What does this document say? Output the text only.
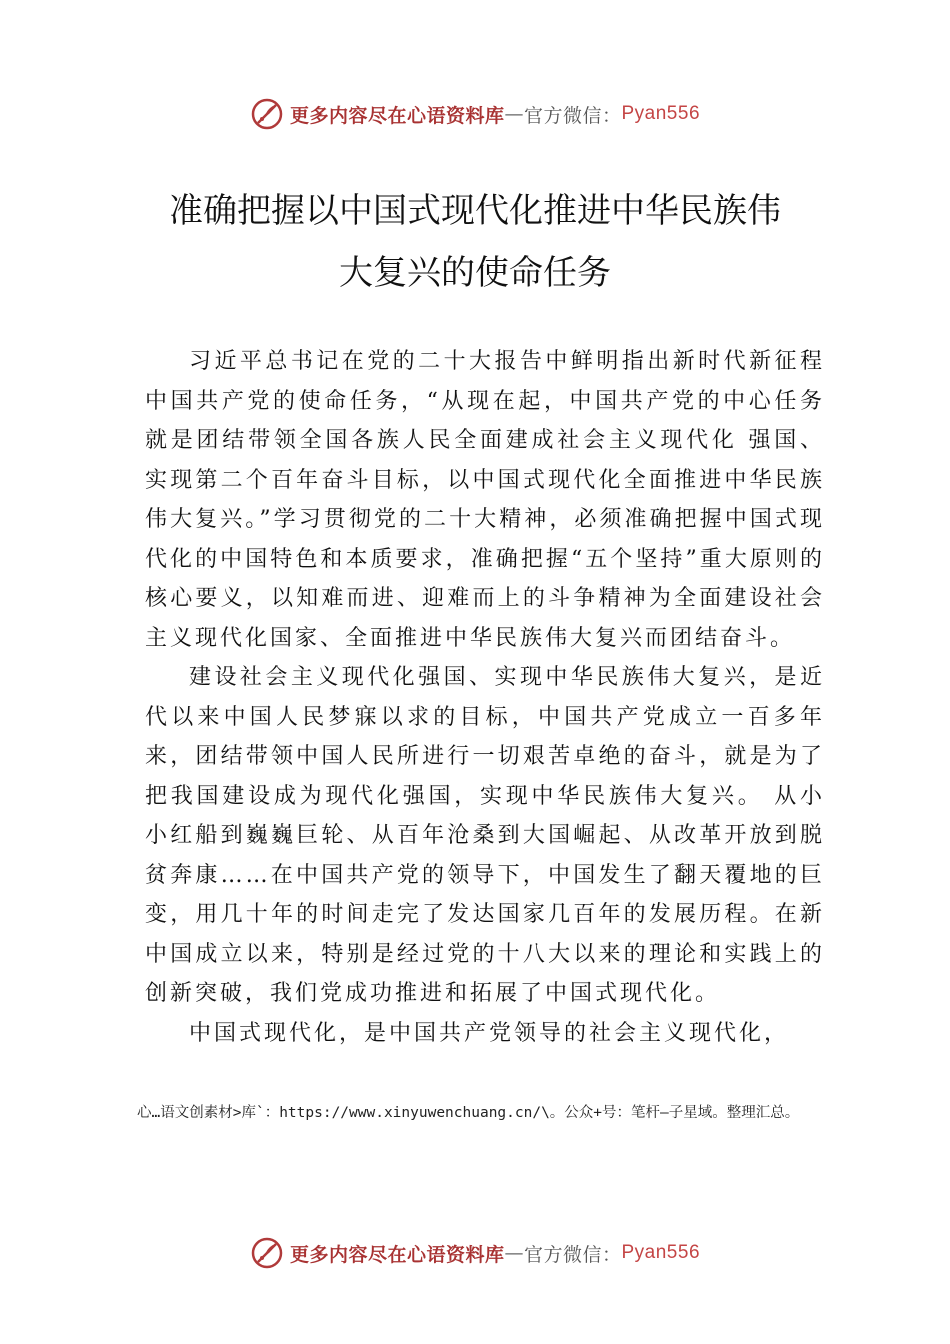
更多内容尽在心语资料库 — 官方微信： Pyan556
准确把握以中国式现代化推进中华民族伟
大复兴的使命任务

习近平总书记在党的二十大报告中鲜明指出新时代新征程中国共产党的使命任务，“从现在起，中国共产党的中心任务就是团结带领全国各族人民全面建成社会主义现代化 强国、实现第二个百年奋斗目标，以中国式现代化全面推进中华民族伟大复兴。”学习贯彻党的二十大精神，必须准确把握中国式现代化的中国特色和本质要求，准确把握“五个坚持”重大原则的核心要义，以知难而进、迎难而上的斗争精神为全面建设社会主义现代化国家、全面推进中华民族伟大复兴而团结奋斗。

建设社会主义现代化强国、实现中华民族伟大复兴，是近代以来中国人民梦寐以求的目标，中国共产党成立一百多年来，团结带领中国人民所进行一切艰苦卓绝的奋斗，就是为了把我国建设成为现代化强国，实现中华民族伟大复兴。 从小小红船到巍巍巨轮、从百年沧桑到大国崛起、从改革开放到脱贫奔康……在中国共产党的领导下，中国发生了翻天覆地的巨变，用几十年的时间走完了发达国家几百年的发展历程。在新中国成立以来，特别是经过党的十八大以来的理论和实践上的创新突破，我们党成功推进和拓展了中国式现代化。

中国式现代化，是中国共产党领导的社会主义现代化，

心…语文创素材>库`：https://www.xinyuwenchuang.cn/\。公众+号：笔杆—子星域。整理汇总。
更多内容尽在心语资料库 — 官方微信： Pyan556
